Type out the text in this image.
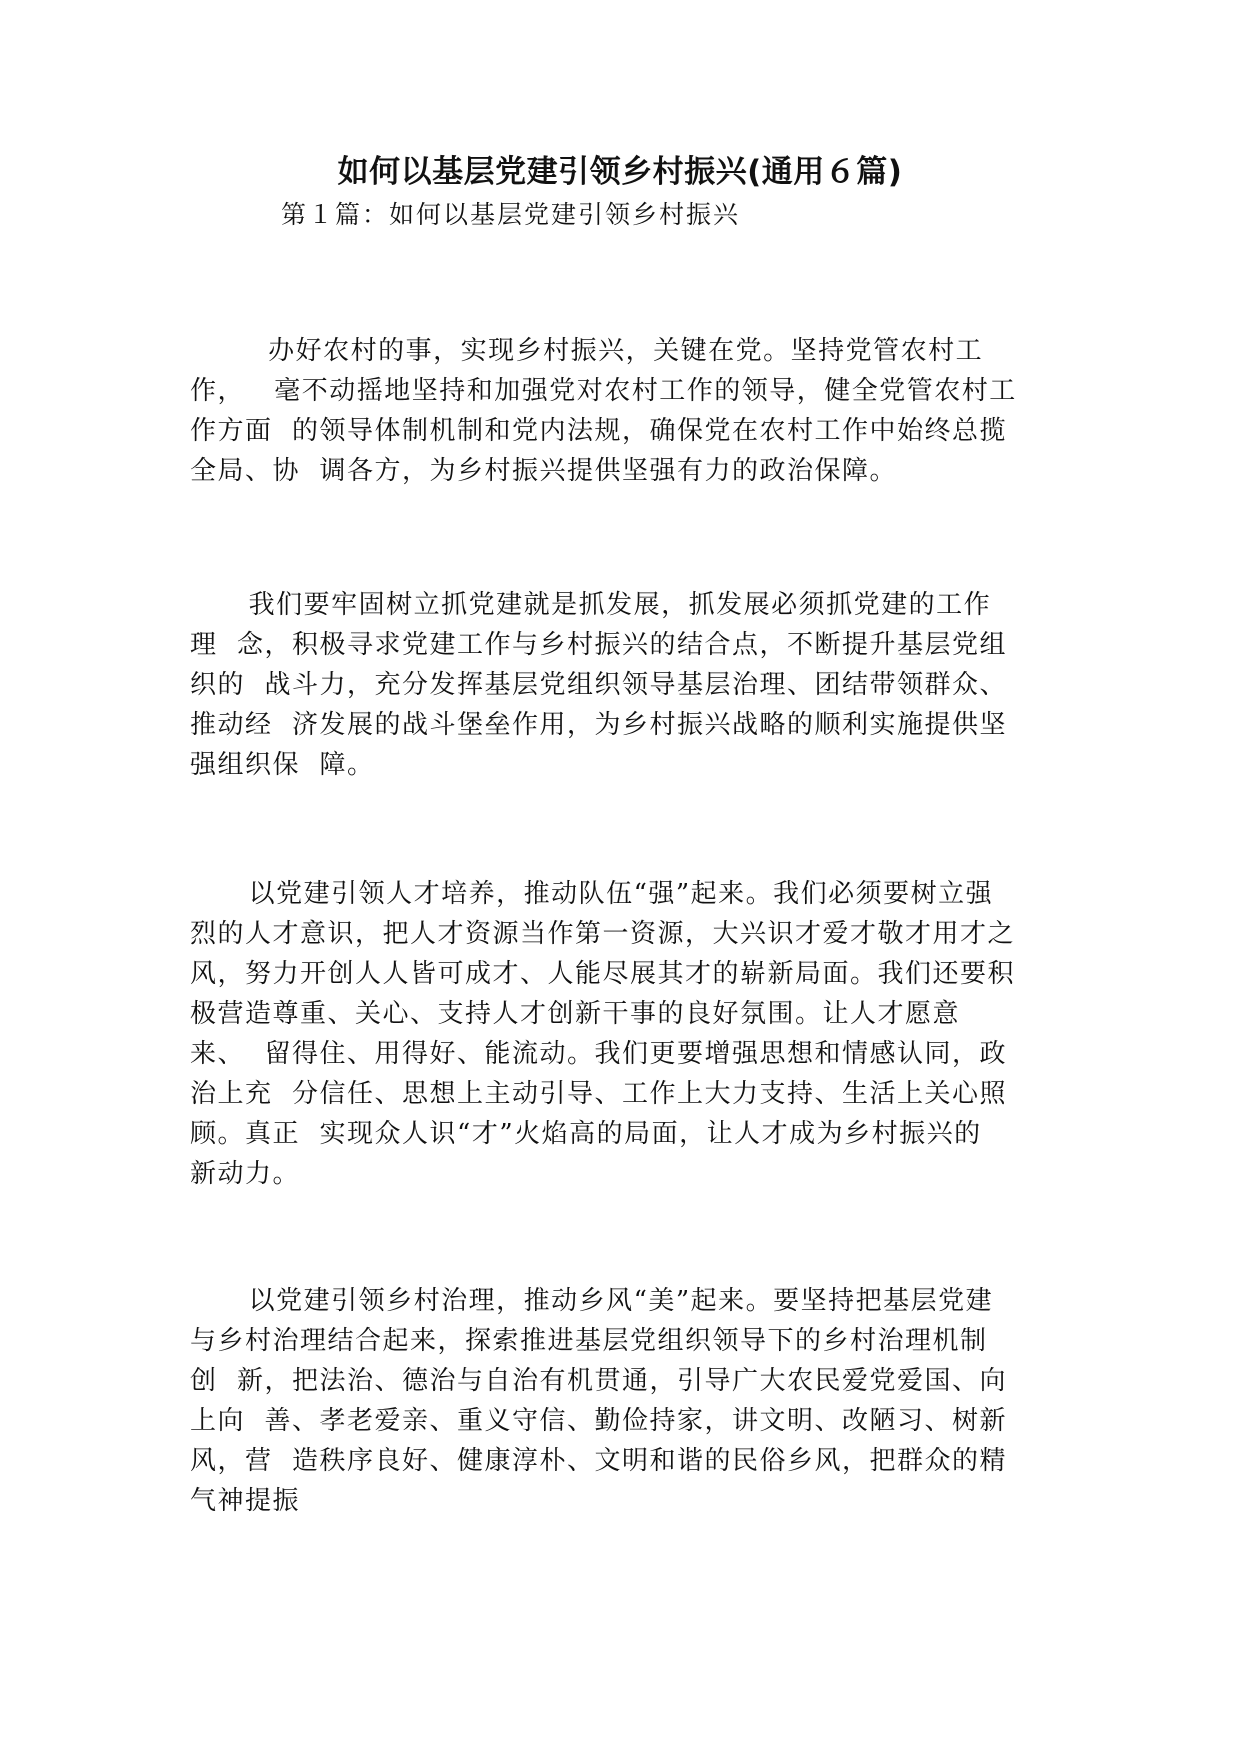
如何以基层党建引领乡村振兴(通用６篇)
第１篇：如何以基层党建引领乡村振兴
办好农村的事，实现乡村振兴，关键在党。坚持党管农村工
作，   毫不动摇地坚持和加强党对农村工作的领导，健全党管农村工
作方面  的领导体制机制和党内法规，确保党在农村工作中始终总揽
全局、协  调各方，为乡村振兴提供坚强有力的政治保障。
我们要牢固树立抓党建就是抓发展，抓发展必须抓党建的工作
理  念，积极寻求党建工作与乡村振兴的结合点，不断提升基层党组
织的  战斗力，充分发挥基层党组织领导基层治理、团结带领群众、
推动经  济发展的战斗堡垒作用，为乡村振兴战略的顺利实施提供坚
强组织保  障。
以党建引领人才培养，推动队伍“强”起来。我们必须要树立强
烈的人才意识，把人才资源当作第一资源，大兴识才爱才敬才用才之
风，努力开创人人皆可成才、人能尽展其才的崭新局面。我们还要积
极营造尊重、关心、支持人才创新干事的良好氛围。让人才愿意
来、  留得住、用得好、能流动。我们更要增强思想和情感认同，政
治上充  分信任、思想上主动引导、工作上大力支持、生活上关心照
顾。真正  实现众人识“才”火焰高的局面，让人才成为乡村振兴的
新动力。
以党建引领乡村治理，推动乡风“美”起来。要坚持把基层党建
与乡村治理结合起来，探索推进基层党组织领导下的乡村治理机制
创  新，把法治、德治与自治有机贯通，引导广大农民爱党爱国、向
上向  善、孝老爱亲、重义守信、勤俭持家，讲文明、改陋习、树新
风，营  造秩序良好、健康淳朴、文明和谐的民俗乡风，把群众的精
气神提振
